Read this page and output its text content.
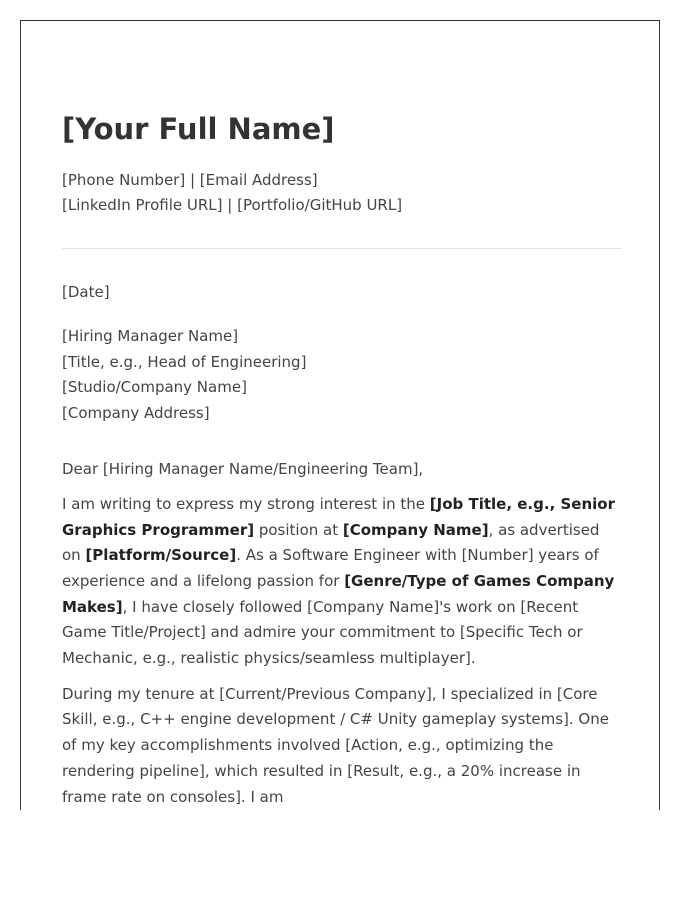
[Your Full Name]
[Phone Number] | [Email Address]
[LinkedIn Profile URL] | [Portfolio/GitHub URL]
[Date]
[Hiring Manager Name]
[Title, e.g., Head of Engineering]
[Studio/Company Name]
[Company Address]
Dear [Hiring Manager Name/Engineering Team],
I am writing to express my strong interest in the [Job Title, e.g., Senior Graphics Programmer] position at [Company Name], as advertised on [Platform/Source]. As a Software Engineer with [Number] years of experience and a lifelong passion for [Genre/Type of Games Company Makes], I have closely followed [Company Name]'s work on [Recent Game Title/Project] and admire your commitment to [Specific Tech or Mechanic, e.g., realistic physics/seamless multiplayer].
During my tenure at [Current/Previous Company], I specialized in [Core Skill, e.g., C++ engine development / C# Unity gameplay systems]. One of my key accomplishments involved [Action, e.g., optimizing the rendering pipeline], which resulted in [Result, e.g., a 20% increase in frame rate on consoles]. I am
